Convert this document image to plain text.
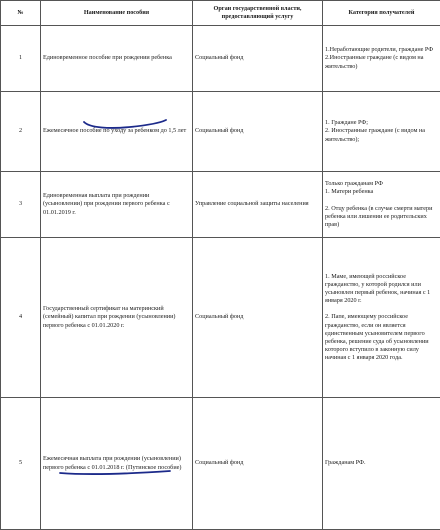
№	Наименование пособия	Орган государственной власти, предоставляющий услугу	Категория получателей
1	Единовременное пособие при рождении ребенка	Социальный фонд	1.Неработающие родители, граждане РФ
2.Иностранные граждане (с видом на жительство)

2	Ежемесячное пособие по уходу за ребенком до 1,5 лет	Социальный фонд	1. Граждане РФ;
2. Иностранные граждане (с видом на жительство);

3	Единовременная выплата при рождении (усыновлении) при рождении первого ребенка с 01.01.2019 г.	Управление социальной защиты населения	Только гражданам РФ
1. Матери ребенка

2. Отцу ребенка (в случае смерти матери ребенка или лишении ее родительских прав)

4	Государственный сертификат на материнский (семейный) капитал при рождении (усыновлении) первого ребенка с 01.01.2020 г.	Социальный фонд	1. Маме, имеющей российское гражданство, у которой родился или усыновлен первый ребенок, начиная с 1 января 2020 г.

2. Папе, имеющему российское гражданство, если он является единственным усыновителем первого ребенка, решение суда об усыновлении которого вступило в законную силу начиная с 1 января 2020 года.

5	Ежемесячная выплата при рождении (усыновлении) первого ребенка с 01.01.2018 г. (Путинское пособие)	Социальный фонд	Гражданам РФ.
